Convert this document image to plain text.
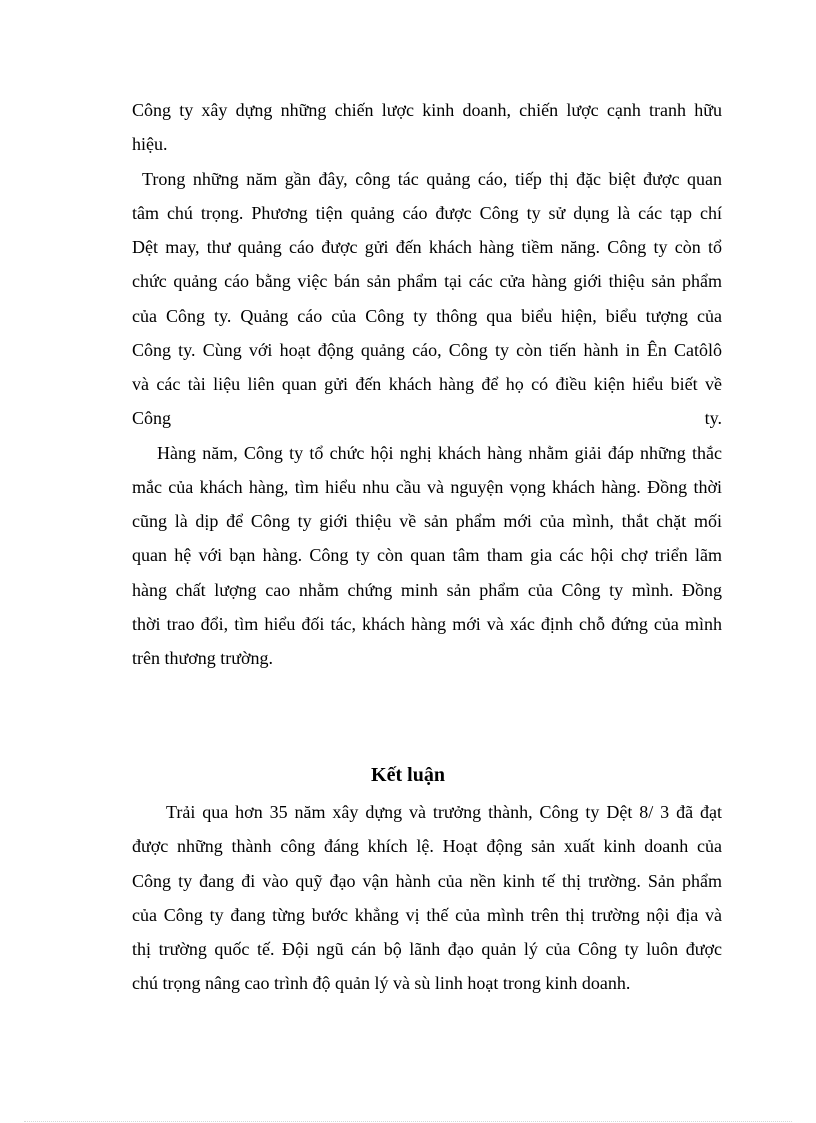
Công ty xây dựng những chiến lược kinh doanh, chiến lược cạnh tranh hữu
hiệu.
Trong những năm gần đây, công tác quảng cáo, tiếp thị đặc biệt được quan
tâm chú trọng. Phương tiện quảng cáo được Công ty sử dụng là các tạp chí
Dệt may, thư quảng cáo được gửi đến khách hàng tiềm năng. Công ty còn tổ
chức quảng cáo bằng việc bán sản phẩm tại các cửa hàng giới thiệu sản phẩm
của Công ty. Quảng cáo của Công ty thông qua biểu hiện, biểu tượng của
Công ty. Cùng với hoạt động quảng cáo, Công ty còn tiến hành in Ên Catôlô
và các tài liệu liên quan gửi đến khách hàng để họ có điều kiện hiểu biết về
Công	ty.
Hàng năm, Công ty tổ chức hội nghị khách hàng nhằm giải đáp những thắc
mắc của khách hàng, tìm hiểu nhu cầu và nguyện vọng khách hàng. Đồng thời
cũng là dịp để Công ty giới thiệu về sản phẩm mới của mình, thắt chặt mối
quan hệ với bạn hàng. Công ty còn quan tâm tham gia các hội chợ triển lãm
hàng chất lượng cao nhằm chứng minh sản phẩm của Công ty mình. Đồng
thời trao đổi, tìm hiểu đối tác, khách hàng mới và xác định chỗ đứng của mình
trên thương trường.
Kết luận
Trải qua hơn 35 năm xây dựng và trưởng thành, Công ty Dệt 8/ 3 đã đạt
được những thành công đáng khích lệ. Hoạt động sản xuất kinh doanh của
Công ty đang đi vào quỹ đạo vận hành của nền kinh tế thị trường. Sản phẩm
của Công ty đang từng bước khẳng vị thế của mình trên thị trường nội địa và
thị trường quốc tế. Đội ngũ cán bộ lãnh đạo quản lý của Công ty luôn được
chú trọng nâng cao trình độ quản lý và sù linh hoạt trong kinh doanh.
